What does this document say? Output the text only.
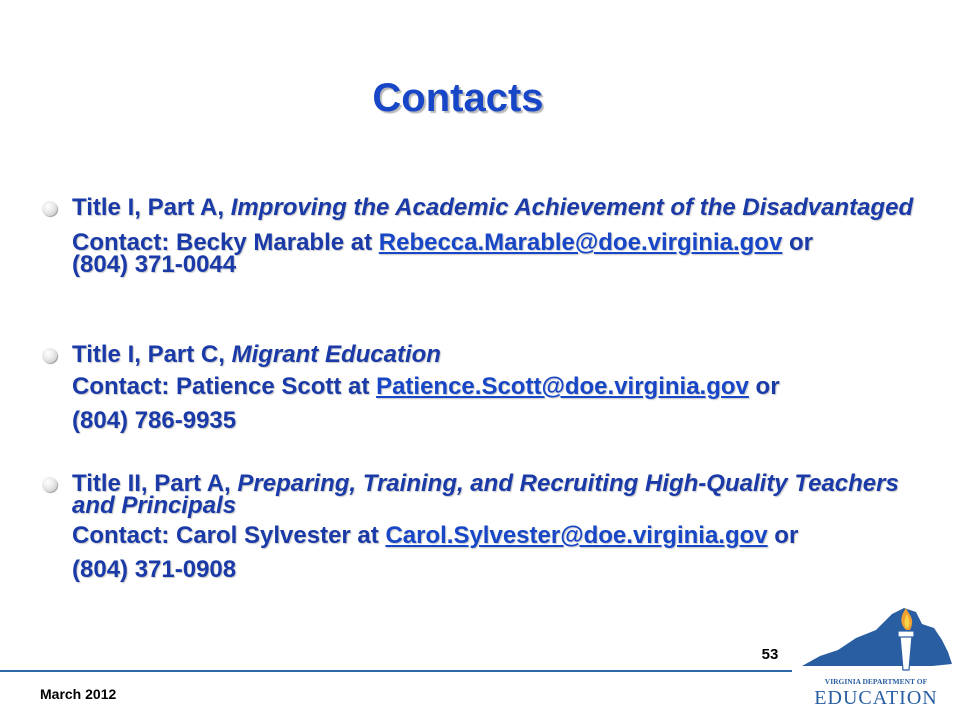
Contacts
Title I, Part A, Improving the Academic Achievement of the Disadvantaged
Contact: Becky Marable at Rebecca.Marable@doe.virginia.gov or
(804) 371-0044
Title I, Part C, Migrant Education
Contact: Patience Scott at Patience.Scott@doe.virginia.gov or
(804) 786-9935
Title II, Part A, Preparing, Training, and Recruiting High-Quality Teachers and Principals
Contact: Carol Sylvester at Carol.Sylvester@doe.virginia.gov or
(804) 371-0908
53
March 2012
VIRGINIA DEPARTMENT OF
EDUCATION
